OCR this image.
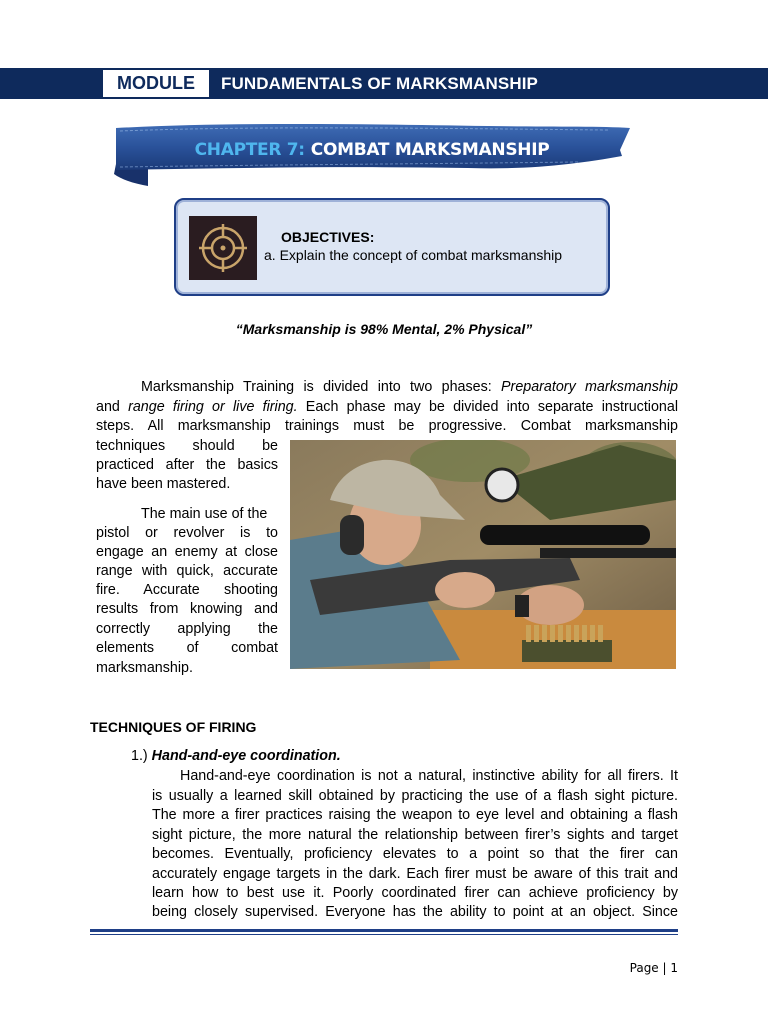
MODULE	FUNDAMENTALS OF MARKSMANSHIP
CHAPTER 7: COMBAT MARKSMANSHIP
OBJECTIVES:
a. Explain the concept of combat marksmanship
“Marksmanship is 98% Mental, 2% Physical”
Marksmanship Training is divided into two phases: Preparatory marksmanship
and range firing or live firing. Each phase may be divided into separate instructional
steps. All marksmanship trainings must be progressive. Combat marksmanship
techniques should be
practiced after the basics
have been mastered.
The main use of the
pistol or revolver is to
engage an enemy at close
range with quick, accurate
fire. Accurate shooting
results from knowing and
correctly applying the
elements of combat
marksmanship.
TECHNIQUES OF FIRING
1.) Hand-and-eye coordination.
Hand-and-eye coordination is not a natural, instinctive ability for all firers. It
is usually a learned skill obtained by practicing the use of a flash sight picture.
The more a firer practices raising the weapon to eye level and obtaining a flash
sight picture, the more natural the relationship between firer’s sights and target
becomes. Eventually, proficiency elevates to a point so that the firer can
accurately engage targets in the dark. Each firer must be aware of this trait and
learn how to best use it. Poorly coordinated firer can achieve proficiency by
being closely supervised. Everyone has the ability to point at an object. Since
Page | 1
